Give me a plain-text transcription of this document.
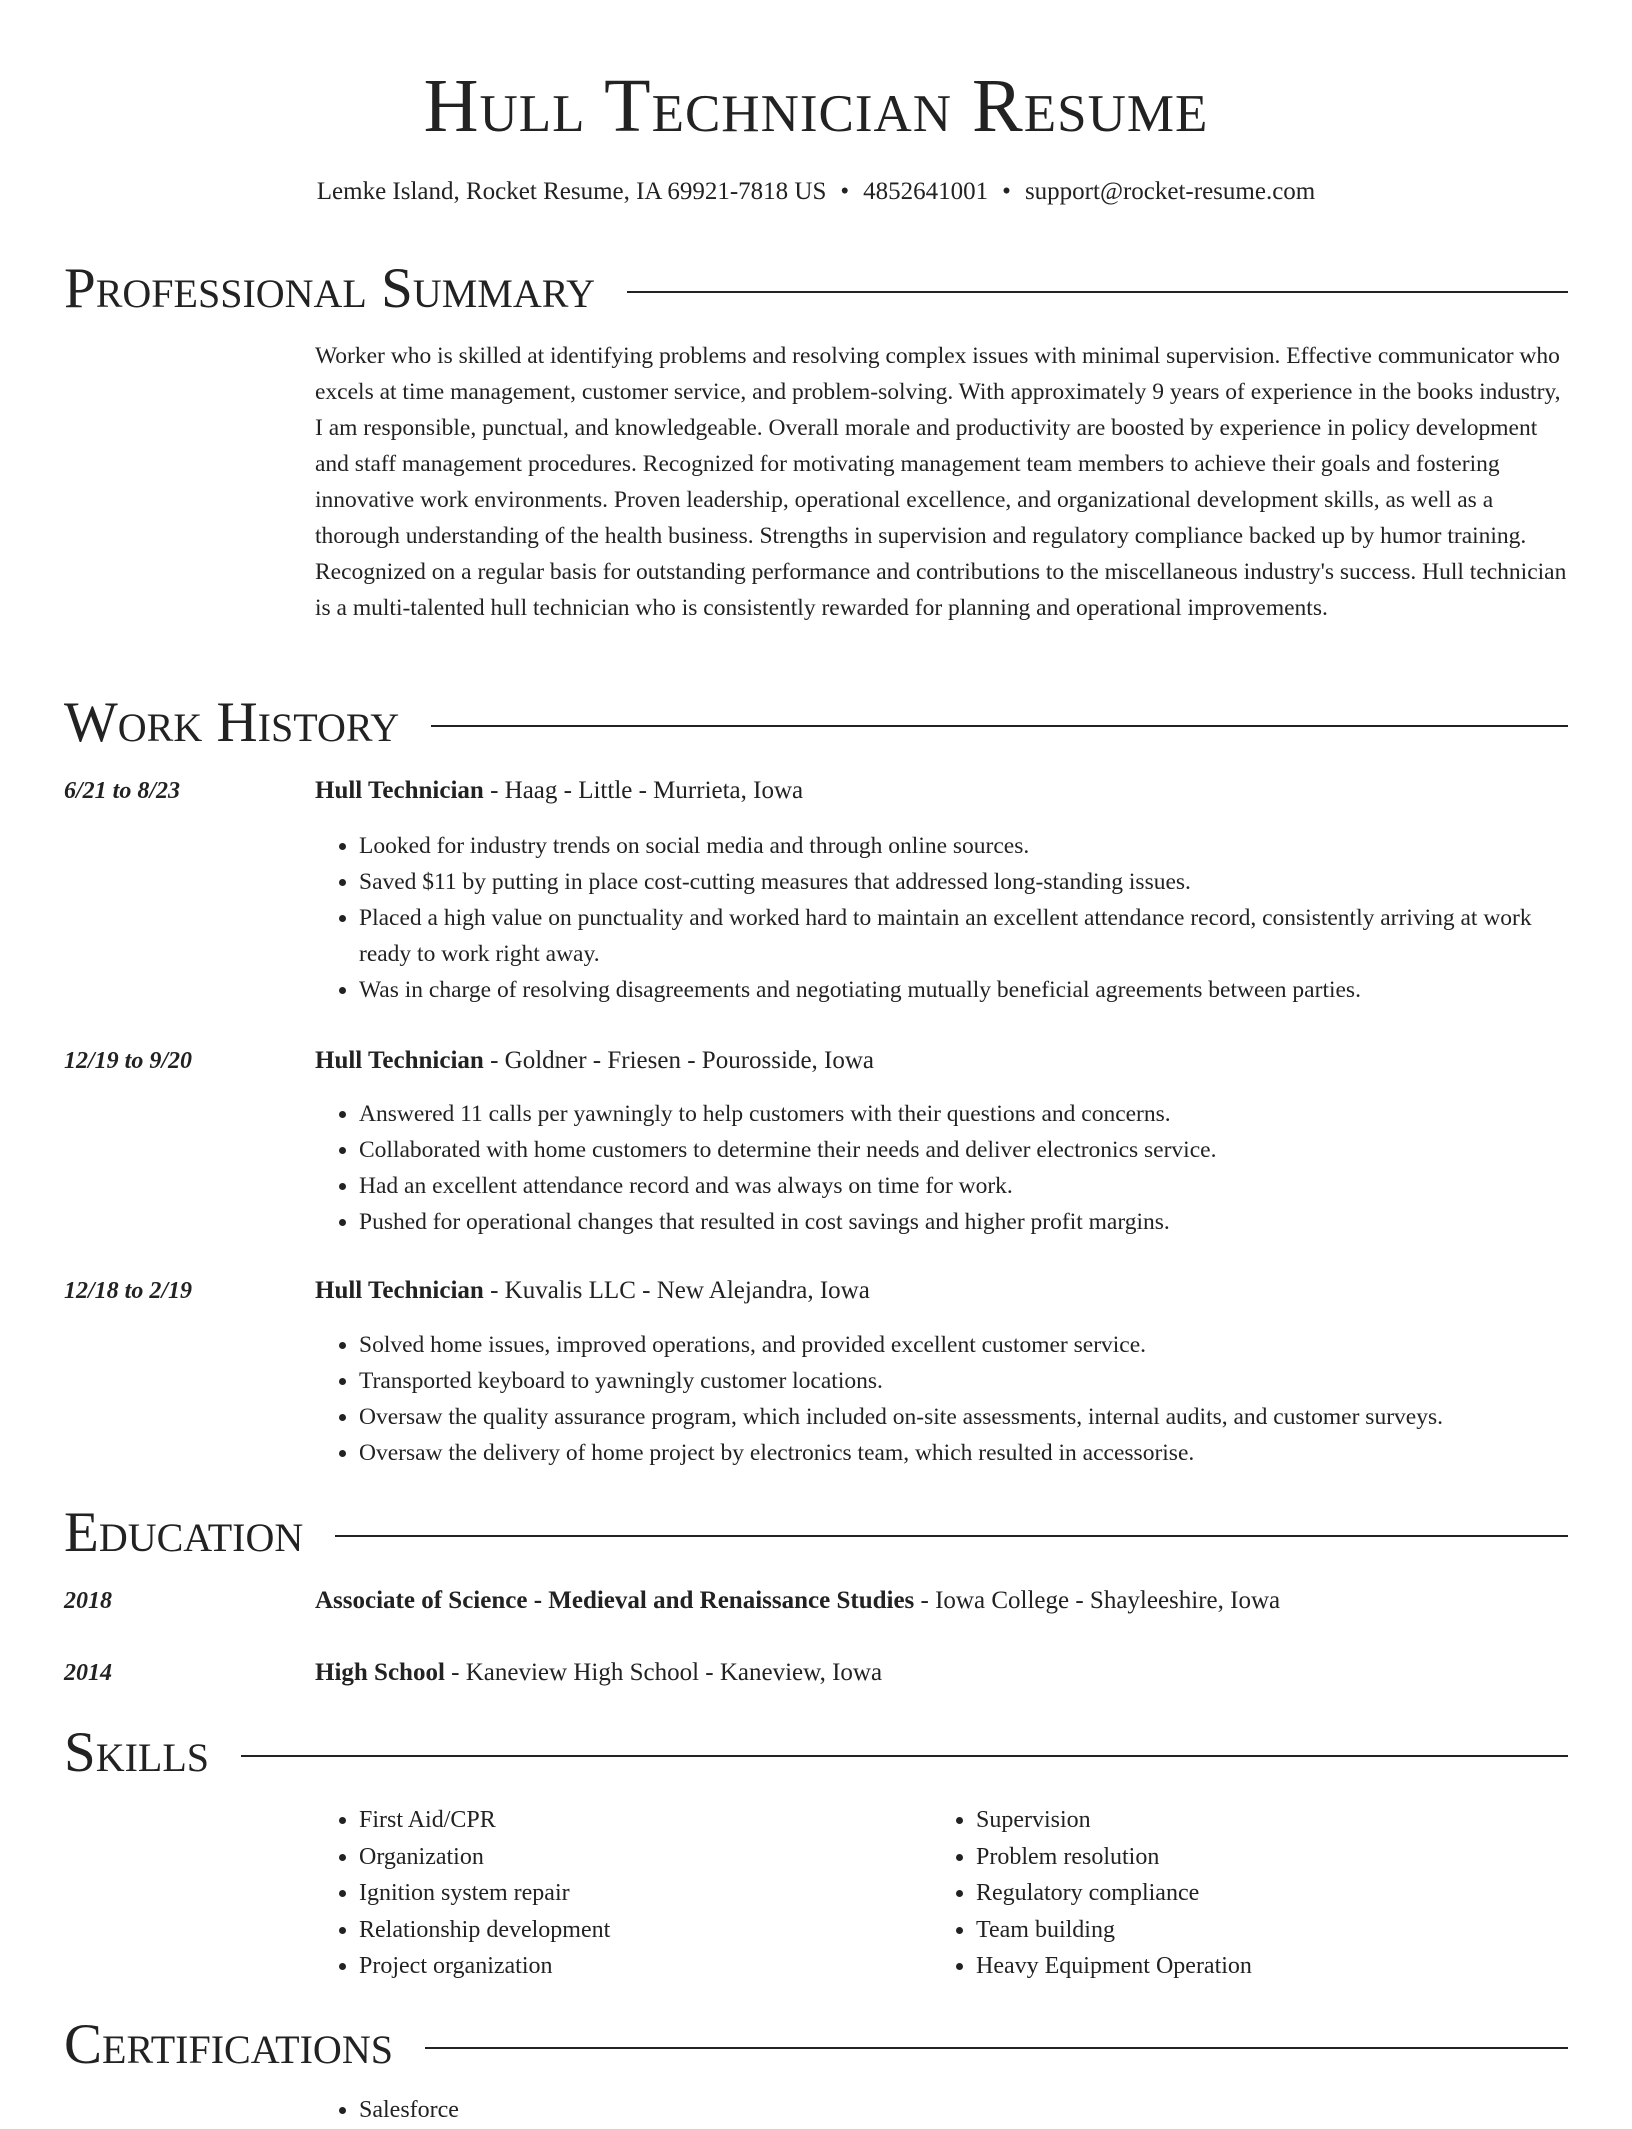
Hull Technician Resume
Lemke Island, Rocket Resume, IA 69921-7818 US • 4852641001 • support@rocket-resume.com
Professional Summary
Worker who is skilled at identifying problems and resolving complex issues with minimal supervision. Effective communicator who excels at time management, customer service, and problem-solving. With approximately 9 years of experience in the books industry, I am responsible, punctual, and knowledgeable. Overall morale and productivity are boosted by experience in policy development and staff management procedures. Recognized for motivating management team members to achieve their goals and fostering innovative work environments. Proven leadership, operational excellence, and organizational development skills, as well as a thorough understanding of the health business. Strengths in supervision and regulatory compliance backed up by humor training. Recognized on a regular basis for outstanding performance and contributions to the miscellaneous industry's success. Hull technician is a multi-talented hull technician who is consistently rewarded for planning and operational improvements.
Work History
6/21 to 8/23	Hull Technician - Haag - Little - Murrieta, Iowa
• Looked for industry trends on social media and through online sources.
• Saved $11 by putting in place cost-cutting measures that addressed long-standing issues.
• Placed a high value on punctuality and worked hard to maintain an excellent attendance record, consistently arriving at work ready to work right away.
• Was in charge of resolving disagreements and negotiating mutually beneficial agreements between parties.
12/19 to 9/20	Hull Technician - Goldner - Friesen - Pourosside, Iowa
• Answered 11 calls per yawningly to help customers with their questions and concerns.
• Collaborated with home customers to determine their needs and deliver electronics service.
• Had an excellent attendance record and was always on time for work.
• Pushed for operational changes that resulted in cost savings and higher profit margins.
12/18 to 2/19	Hull Technician - Kuvalis LLC - New Alejandra, Iowa
• Solved home issues, improved operations, and provided excellent customer service.
• Transported keyboard to yawningly customer locations.
• Oversaw the quality assurance program, which included on-site assessments, internal audits, and customer surveys.
• Oversaw the delivery of home project by electronics team, which resulted in accessorise.
Education
2018	Associate of Science - Medieval and Renaissance Studies - Iowa College - Shayleeshire, Iowa
2014	High School - Kaneview High School - Kaneview, Iowa
Skills
• First Aid/CPR
• Organization
• Ignition system repair
• Relationship development
• Project organization
• Supervision
• Problem resolution
• Regulatory compliance
• Team building
• Heavy Equipment Operation
Certifications
• Salesforce
